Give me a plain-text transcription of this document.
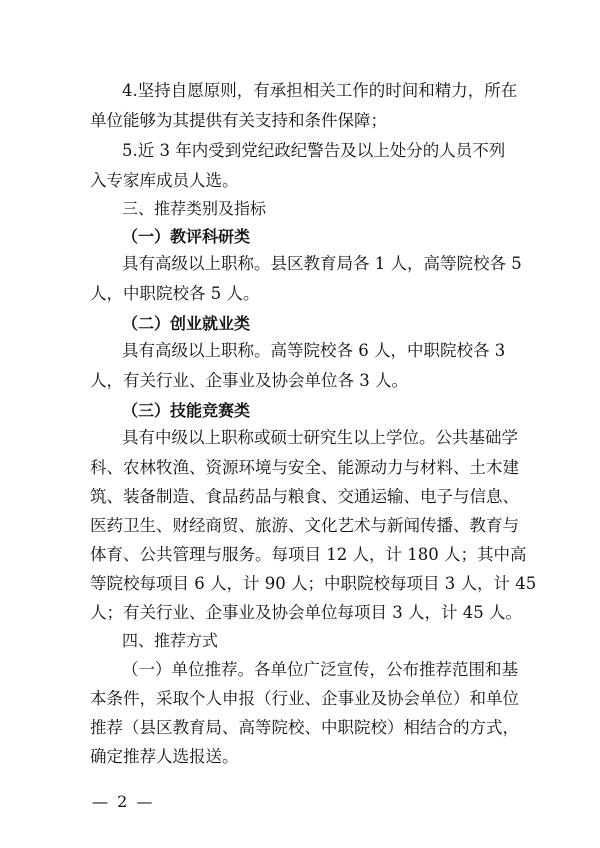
4.坚持自愿原则，有承担相关工作的时间和精力，所在
单位能够为其提供有关支持和条件保障；
5.近 3 年内受到党纪政纪警告及以上处分的人员不列
入专家库成员人选。
三、推荐类别及指标
（一）教评科研类
具有高级以上职称。县区教育局各 1 人，高等院校各 5
人，中职院校各 5 人。
（二）创业就业类
具有高级以上职称。高等院校各 6 人，中职院校各 3
人，有关行业、企事业及协会单位各 3 人。
（三）技能竞赛类
具有中级以上职称或硕士研究生以上学位。公共基础学
科、农林牧渔、资源环境与安全、能源动力与材料、土木建
筑、装备制造、食品药品与粮食、交通运输、电子与信息、
医药卫生、财经商贸、旅游、文化艺术与新闻传播、教育与
体育、公共管理与服务。每项目 12 人，计 180 人；其中高
等院校每项目 6 人，计 90 人；中职院校每项目 3 人，计 45
人；有关行业、企事业及协会单位每项目 3 人，计 45 人。
四、推荐方式
（一）单位推荐。各单位广泛宣传，公布推荐范围和基
本条件，采取个人申报（行业、企事业及协会单位）和单位
推荐（县区教育局、高等院校、中职院校）相结合的方式，
确定推荐人选报送。
— 2 —
